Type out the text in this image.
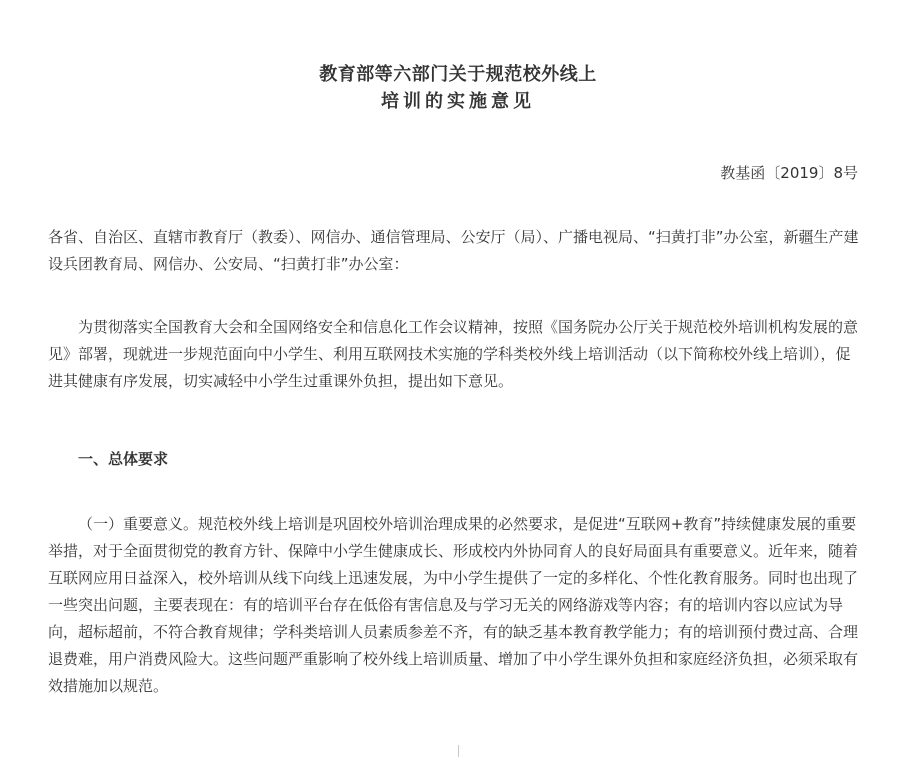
教育部等六部门关于规范校外线上
培训的实施意见
教基函〔2019〕8号

各省、自治区、直辖市教育厅（教委）、网信办、通信管理局、公安厅（局）、广播电视局、“扫黄打非”办公室，新疆生产建设兵团教育局、网信办、公安局、“扫黄打非”办公室：

为贯彻落实全国教育大会和全国网络安全和信息化工作会议精神，按照《国务院办公厅关于规范校外培训机构发展的意见》部署，现就进一步规范面向中小学生、利用互联网技术实施的学科类校外线上培训活动（以下简称校外线上培训），促进其健康有序发展，切实减轻中小学生过重课外负担，提出如下意见。

一、总体要求

（一）重要意义。规范校外线上培训是巩固校外培训治理成果的必然要求，是促进“互联网+教育”持续健康发展的重要举措，对于全面贯彻党的教育方针、保障中小学生健康成长、形成校内外协同育人的良好局面具有重要意义。近年来，随着互联网应用日益深入，校外培训从线下向线上迅速发展，为中小学生提供了一定的多样化、个性化教育服务。同时也出现了一些突出问题，主要表现在：有的培训平台存在低俗有害信息及与学习无关的网络游戏等内容；有的培训内容以应试为导向，超标超前，不符合教育规律；学科类培训人员素质参差不齐，有的缺乏基本教育教学能力；有的培训预付费过高、合理退费难，用户消费风险大。这些问题严重影响了校外线上培训质量、增加了中小学生课外负担和家庭经济负担，必须采取有效措施加以规范。
